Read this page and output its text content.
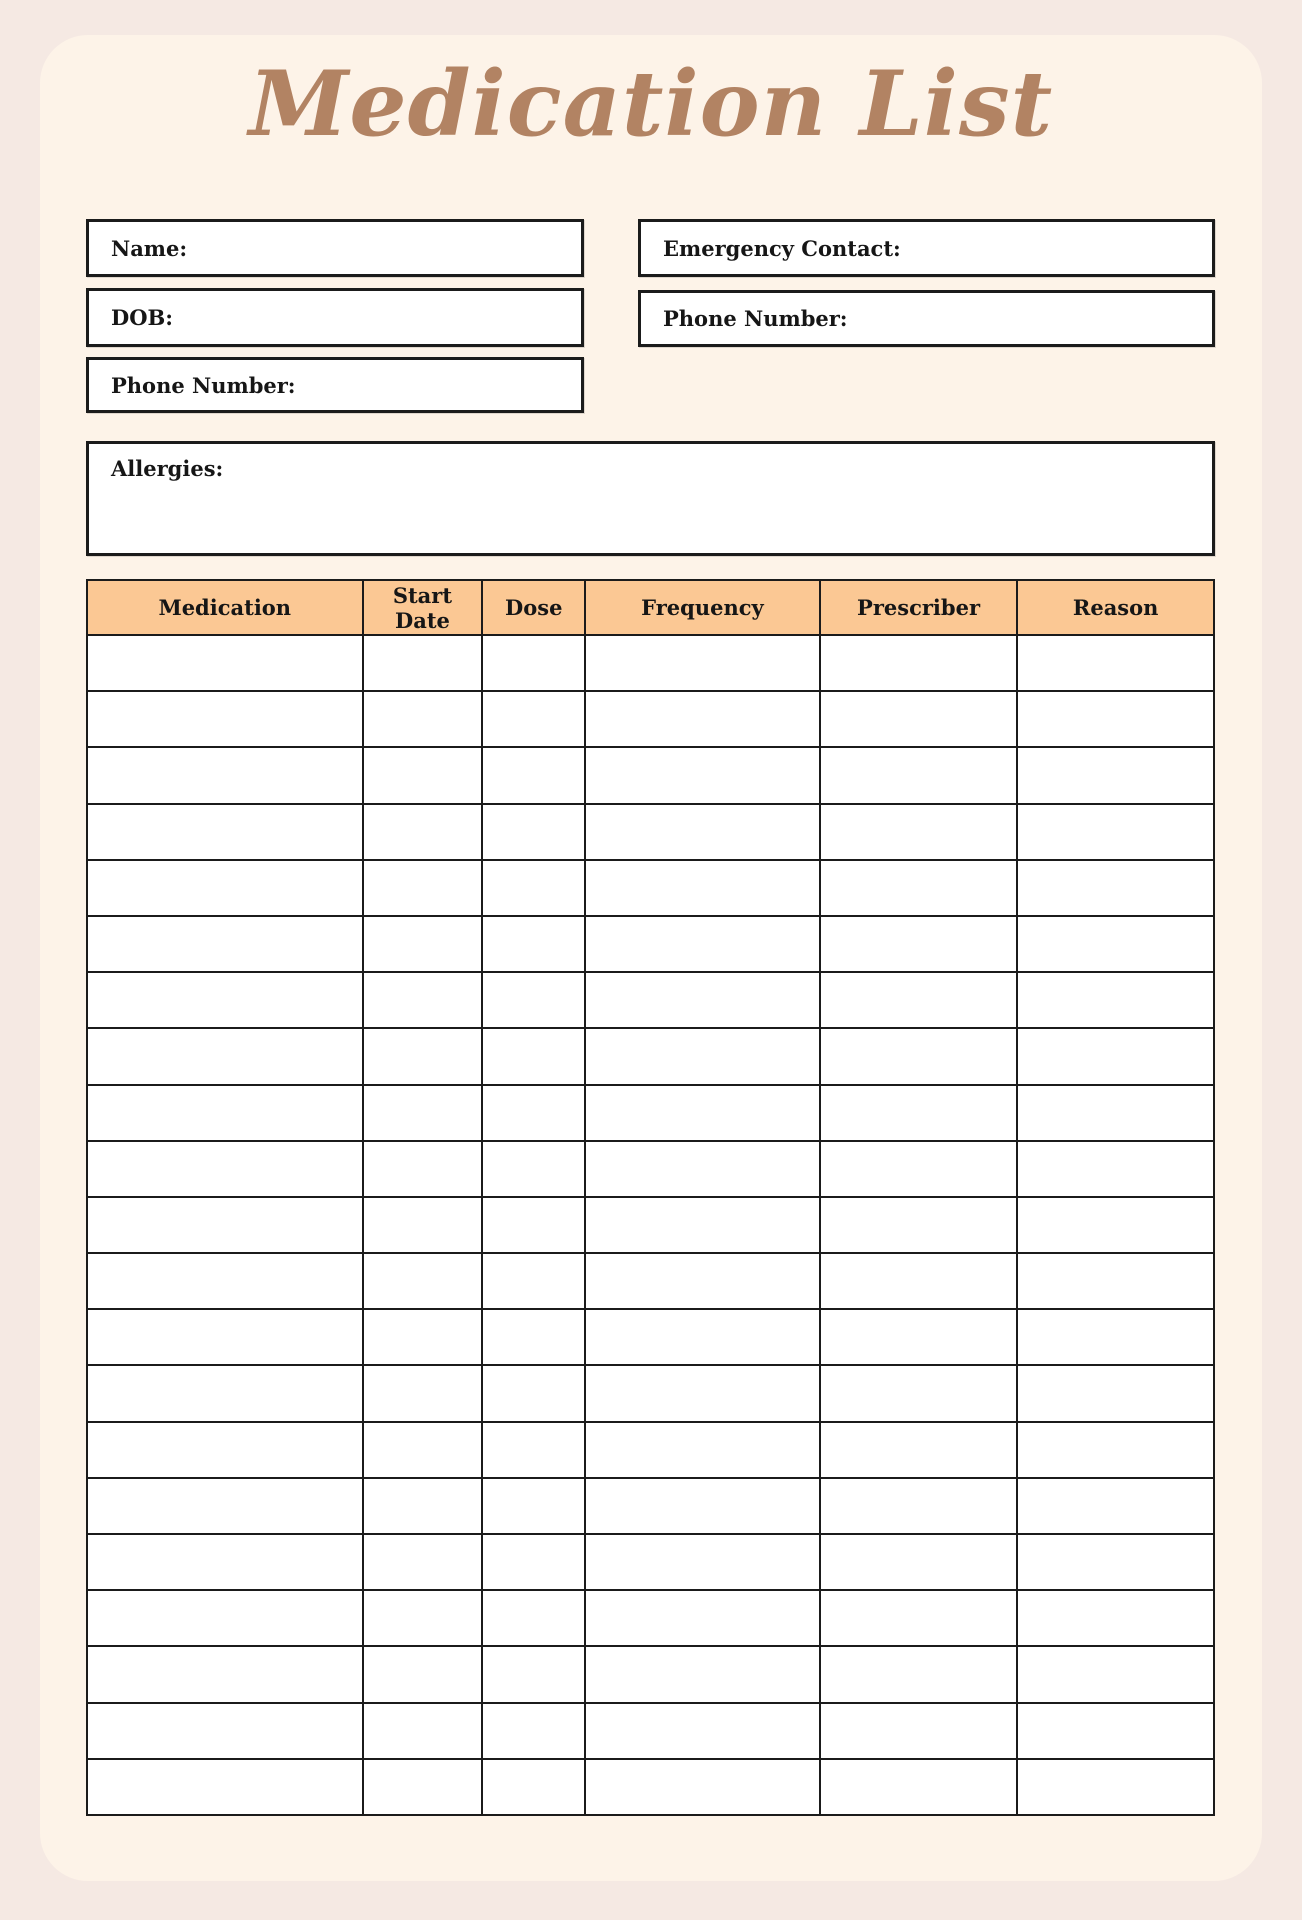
Medication List
Name:
DOB:
Phone Number:
Emergency Contact:
Phone Number:
Allergies:
Medication	Start Date	Dose	Frequency	Prescriber	Reason
